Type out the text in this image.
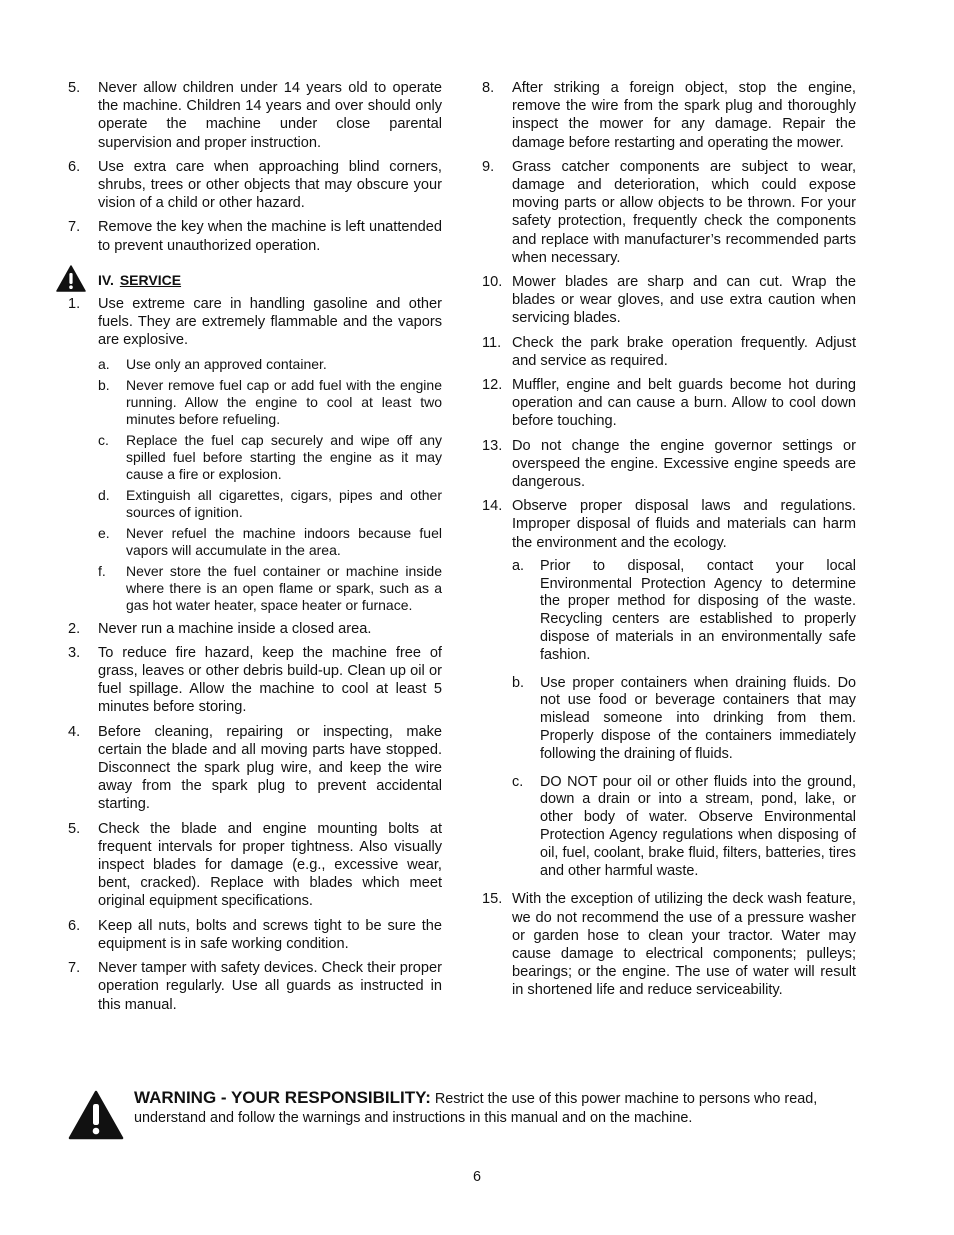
5. Never allow children under 14 years old to operate the machine. Children 14 years and over should only operate the machine under close parental supervision and proper instruction.
6. Use extra care when approaching blind corners, shrubs, trees or other objects that may obscure your vision of a child or other hazard.
7. Remove the key when the machine is left unattended to prevent unauthorized operation.
IV. SERVICE
1. Use extreme care in handling gasoline and other fuels. They are extremely flammable and the vapors are explosive.
a. Use only an approved container.
b. Never remove fuel cap or add fuel with the engine running. Allow the engine to cool at least two minutes before refueling.
c. Replace the fuel cap securely and wipe off any spilled fuel before starting the engine as it may cause a fire or explosion.
d. Extinguish all cigarettes, cigars, pipes and other sources of ignition.
e. Never refuel the machine indoors because fuel vapors will accumulate in the area.
f. Never store the fuel container or machine inside where there is an open flame or spark, such as a gas hot water heater, space heater or furnace.
2. Never run a machine inside a closed area.
3. To reduce fire hazard, keep the machine free of grass, leaves or other debris build-up. Clean up oil or fuel spillage. Allow the machine to cool at least 5 minutes before storing.
4. Before cleaning, repairing or inspecting, make certain the blade and all moving parts have stopped. Disconnect the spark plug wire, and keep the wire away from the spark plug to prevent accidental starting.
5. Check the blade and engine mounting bolts at frequent intervals for proper tightness. Also visually inspect blades for damage (e.g., excessive wear, bent, cracked). Replace with blades which meet original equipment specifications.
6. Keep all nuts, bolts and screws tight to be sure the equipment is in safe working condition.
7. Never tamper with safety devices. Check their proper operation regularly. Use all guards as instructed in this manual.
8. After striking a foreign object, stop the engine, remove the wire from the spark plug and thoroughly inspect the mower for any damage. Repair the damage before restarting and operating the mower.
9. Grass catcher components are subject to wear, damage and deterioration, which could expose moving parts or allow objects to be thrown. For your safety protection, frequently check the components and replace with manufacturer’s recommended parts when necessary.
10. Mower blades are sharp and can cut. Wrap the blades or wear gloves, and use extra caution when servicing blades.
11. Check the park brake operation frequently. Adjust and service as required.
12. Muffler, engine and belt guards become hot during operation and can cause a burn. Allow to cool down before touching.
13. Do not change the engine governor settings or overspeed the engine. Excessive engine speeds are dangerous.
14. Observe proper disposal laws and regulations. Improper disposal of fluids and materials can harm the environment and the ecology.
a. Prior to disposal, contact your local Environmental Protection Agency to determine the proper method for disposing of the waste. Recycling centers are established to properly dispose of materials in an environmentally safe fashion.
b. Use proper containers when draining fluids. Do not use food or beverage containers that may mislead someone into drinking from them. Properly dispose of the containers immediately following the draining of fluids.
c. DO NOT pour oil or other fluids into the ground, down a drain or into a stream, pond, lake, or other body of water. Observe Environmental Protection Agency regulations when disposing of oil, fuel, coolant, brake fluid, filters, batteries, tires and other harmful waste.
15. With the exception of utilizing the deck wash feature, we do not recommend the use of a pressure washer or garden hose to clean your tractor. Water may cause damage to electrical components; pulleys; bearings; or the engine. The use of water will result in shortened life and reduce serviceability.
WARNING - YOUR RESPONSIBILITY: Restrict the use of this power machine to persons who read, understand and follow the warnings and instructions in this manual and on the machine.
6
